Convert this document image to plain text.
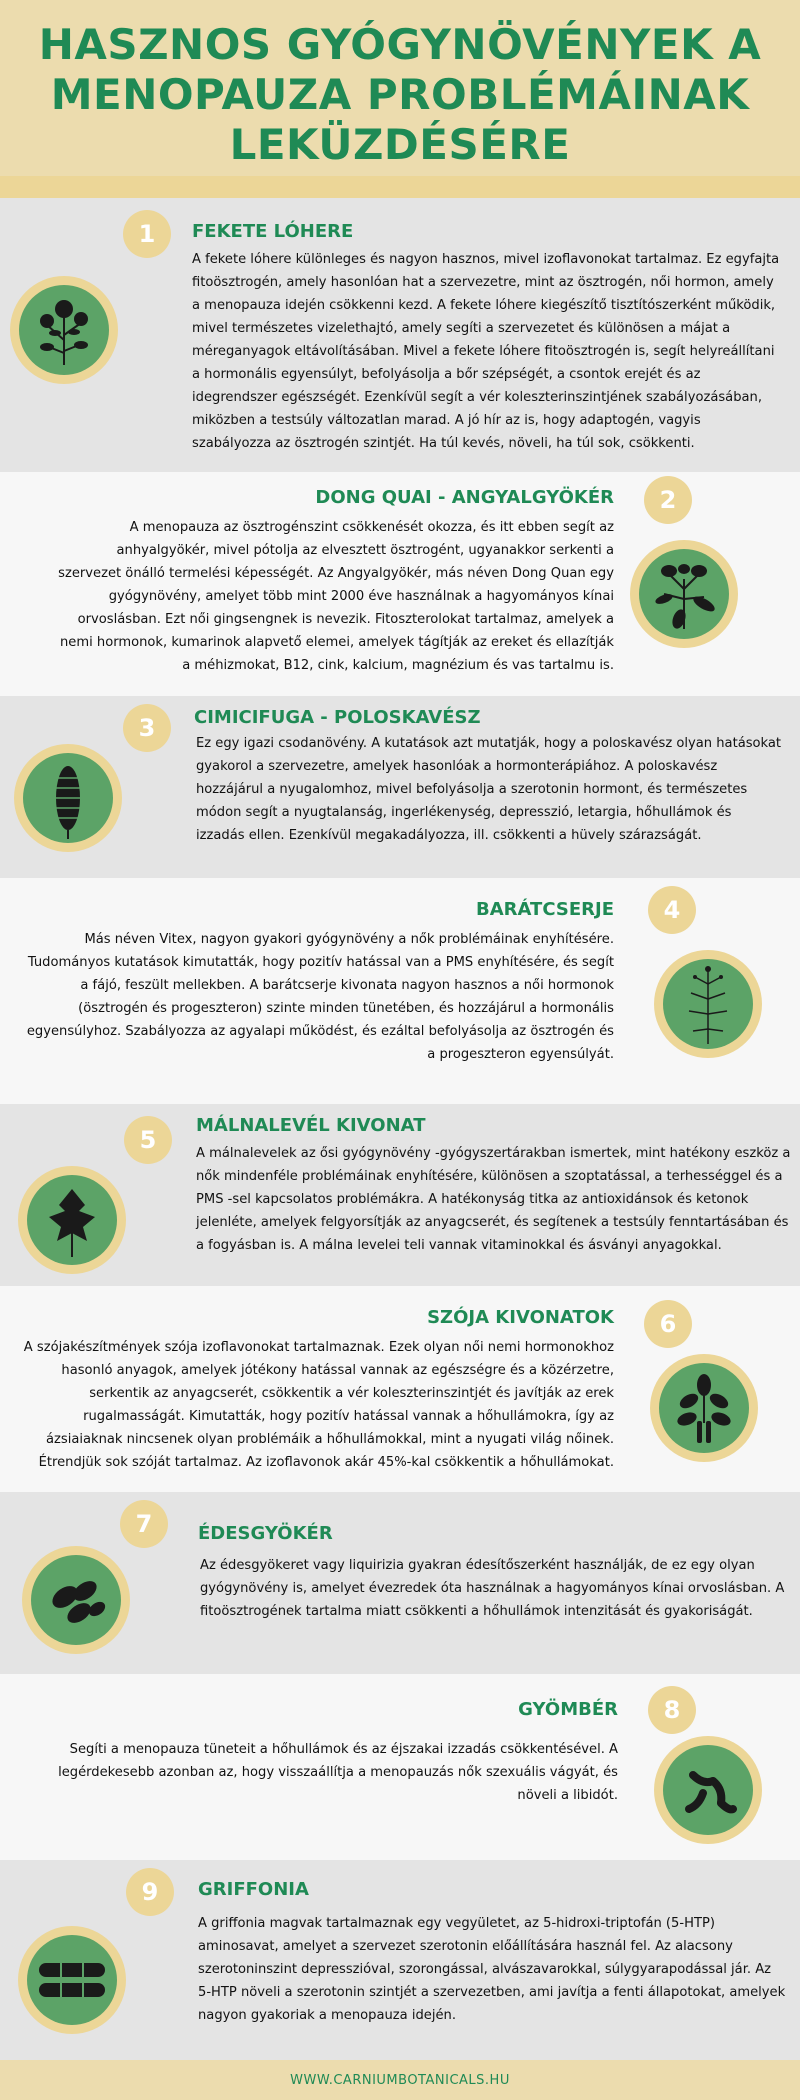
HASZNOS GYÓGYNÖVÉNYEK A MENOPAUZA PROBLÉMÁINAK LEKÜZDÉSÉRE
1	FEKETE LÓHERE
A fekete lóhere különleges és nagyon hasznos, mivel izoflavonokat tartalmaz. Ez egyfajta fitoösztrogén, amely hasonlóan hat a szervezetre, mint az ösztrogén, női hormon, amely a menopauza idején csökkenni kezd. A fekete lóhere kiegészítő tisztítószerként működik, mivel természetes vizelethajtó, amely segíti a szervezetet és különösen a májat a méreganyagok eltávolításában. Mivel a fekete lóhere fitoösztrogén is, segít helyreállítani a hormonális egyensúlyt, befolyásolja a bőr szépségét, a csontok erejét és az idegrendszer egészségét. Ezenkívül segít a vér koleszterinszintjének szabályozásában, miközben a testsúly változatlan marad. A jó hír az is, hogy adaptogén, vagyis szabályozza az ösztrogén szintjét. Ha túl kevés, növeli, ha túl sok, csökkenti.
2
DONG QUAI - ANGYALGYÖKÉR
A menopauza az ösztrogénszint csökkenését okozza, és itt ebben segít az anhyalgyökér, mivel pótolja az elvesztett ösztrogént, ugyanakkor serkenti a szervezet önálló termelési képességét. Az Angyalgyökér, más néven Dong Quan egy gyógynövény, amelyet több mint 2000 éve használnak a hagyományos kínai orvoslásban. Ezt női gingsengnek is nevezik. Fitoszterolokat tartalmaz, amelyek a nemi hormonok, kumarinok alapvető elemei, amelyek tágítják az ereket és ellazítják a méhizmokat, B12, cink, kalcium, magnézium és vas tartalmu is.
3	CIMICIFUGA - POLOSKAVÉSZ
Ez egy igazi csodanövény. A kutatások azt mutatják, hogy a poloskavész olyan hatásokat gyakorol a szervezetre, amelyek hasonlóak a hormonterápiához. A poloskavész hozzájárul a nyugalomhoz, mivel befolyásolja a szerotonin hormont, és természetes módon segít a nyugtalanság, ingerlékenység, depresszió, letargia, hőhullámok és izzadás ellen. Ezenkívül megakadályozza, ill. csökkenti a hüvely szárazságát.
4
BARÁTCSERJE
Más néven Vitex, nagyon gyakori gyógynövény a nők problémáinak enyhítésére. Tudományos kutatások kimutatták, hogy pozitív hatással van a PMS enyhítésére, és segít a fájó, feszült mellekben. A barátcserje kivonata nagyon hasznos a női hormonok (ösztrogén és progeszteron) szinte minden tünetében, és hozzájárul a hormonális egyensúlyhoz. Szabályozza az agyalapi működést, és ezáltal befolyásolja az ösztrogén és a progeszteron egyensúlyát.
5
MÁLNALEVÉL KIVONAT
A málnalevelek az ősi gyógynövény -gyógyszertárakban ismertek, mint hatékony eszköz a nők mindenféle problémáinak enyhítésére, különösen a szoptatással, a terhességgel és a PMS -sel kapcsolatos problémákra. A hatékonyság titka az antioxidánsok és ketonok jelenléte, amelyek felgyorsítják az anyagcserét, és segítenek a testsúly fenntartásában és a fogyásban is. A málna levelei teli vannak vitaminokkal és ásványi anyagokkal.
6
SZÓJA KIVONATOK
A szójakészítmények szója izoflavonokat tartalmaznak. Ezek olyan női nemi hormonokhoz hasonló anyagok, amelyek jótékony hatással vannak az egészségre és a közérzetre, serkentik az anyagcserét, csökkentik a vér koleszterinszintjét és javítják az erek rugalmasságát. Kimutatták, hogy pozitív hatással vannak a hőhullámokra, így az ázsiaiaknak nincsenek olyan problémáik a hőhullámokkal, mint a nyugati világ nőinek. Étrendjük sok szóját tartalmaz. Az izoflavonok akár 45%-kal csökkentik a hőhullámokat.
7	ÉDESGYÖKÉR
Az édesgyökeret vagy liquirizia gyakran édesítőszerként használják, de ez egy olyan gyógynövény is, amelyet évezredek óta használnak a hagyományos kínai orvoslásban. A fitoösztrogének tartalma miatt csökkenti a hőhullámok intenzitását és gyakoriságát.
8
GYÖMBÉR
Segíti a menopauza tüneteit a hőhullámok és az éjszakai izzadás csökkentésével. A legérdekesebb azonban az, hogy visszaállítja a menopauzás nők szexuális vágyát, és növeli a libidót.
9	GRIFFONIA
A griffonia magvak tartalmaznak egy vegyületet, az 5-hidroxi-triptofán (5-HTP) aminosavat, amelyet a szervezet szerotonin előállítására használ fel. Az alacsony szerotoninszint depresszióval, szorongással, alvászavarokkal, súlygyarapodással jár. Az 5-HTP növeli a szerotonin szintjét a szervezetben, ami javítja a fenti állapotokat, amelyek nagyon gyakoriak a menopauza idején.
WWW.CARNIUMBOTANICALS.HU
